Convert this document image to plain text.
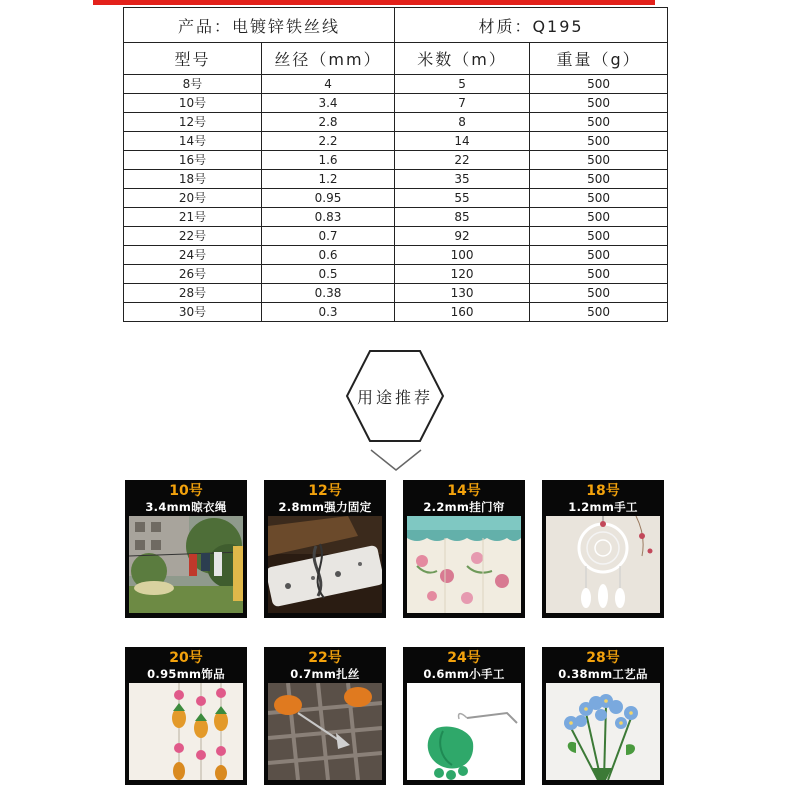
产品：电镀锌铁丝线		材质：Q195	
型号	丝径（mm）	米数（m）	重量（g）
8号	4	5	500
10号	3.4	7	500
12号	2.8	8	500
14号	2.2	14	500
16号	1.6	22	500
18号	1.2	35	500
20号	0.95	55	500
21号	0.83	85	500
22号	0.7	92	500
24号	0.6	100	500
26号	0.5	120	500
28号	0.38	130	500
30号	0.3	160	500
用途推荐
10号
3.4mm晾衣绳
12号
2.8mm强力固定
14号
2.2mm挂门帘
18号
1.2mm手工
20号
0.95mm饰品
22号
0.7mm扎丝
24号
0.6mm小手工
28号
0.38mm工艺品
